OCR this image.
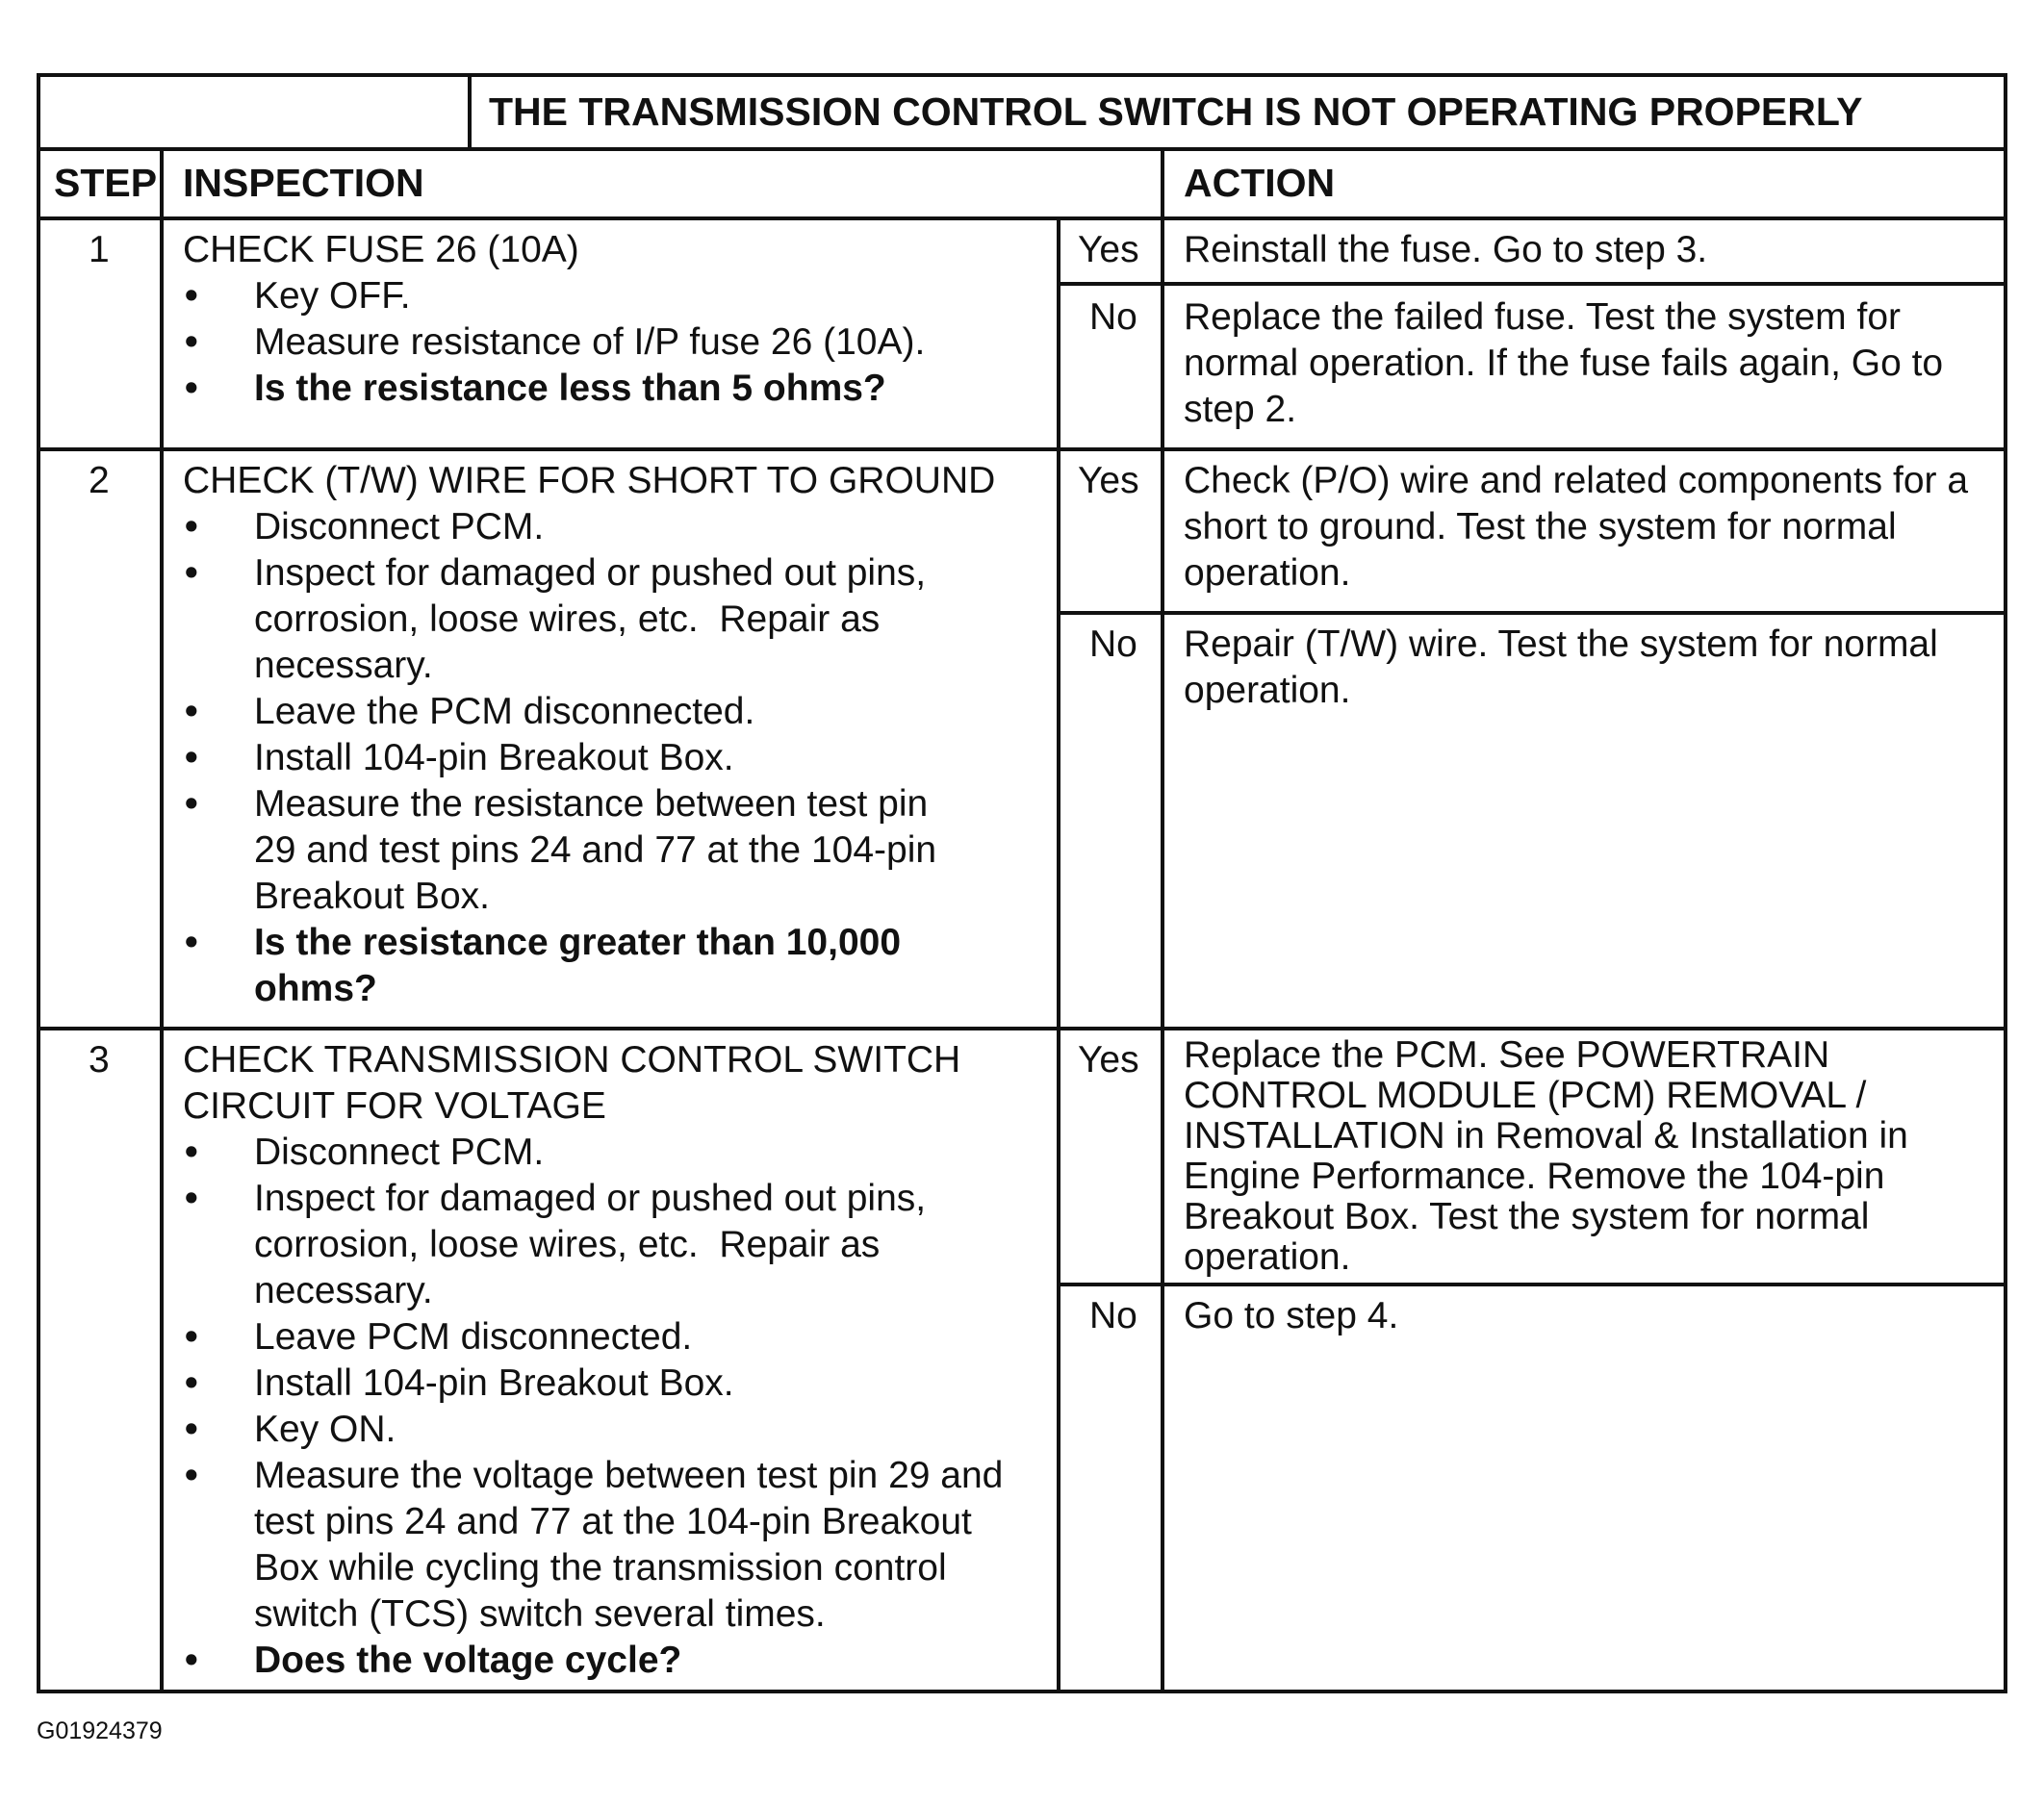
THE TRANSMISSION CONTROL SWITCH IS NOT OPERATING PROPERLY
STEP INSPECTION	ACTION
1 CHECK FUSE 26 (10A)
• Key OFF.
• Measure resistance of I/P fuse 26 (10A).
• Is the resistance less than 5 ohms?
Yes Reinstall the fuse. Go to step 3.
No Replace the failed fuse. Test the system for normal operation. If the fuse fails again, Go to step 2.
2 CHECK (T/W) WIRE FOR SHORT TO GROUND
• Disconnect PCM.
• Inspect for damaged or pushed out pins,
corrosion, loose wires, etc.  Repair as
necessary.
• Leave the PCM disconnected.
• Install 104-pin Breakout Box.
• Measure the resistance between test pin
29 and test pins 24 and 77 at the 104-pin
Breakout Box.
• Is the resistance greater than 10,000
ohms?
Yes Check (P/O) wire and related components for a short to ground. Test the system for normal operation.
No Repair (T/W) wire. Test the system for normal operation.
3 CHECK TRANSMISSION CONTROL SWITCH
CIRCUIT FOR VOLTAGE
• Disconnect PCM.
• Inspect for damaged or pushed out pins,
corrosion, loose wires, etc.  Repair as
necessary.
• Leave PCM disconnected.
• Install 104-pin Breakout Box.
• Key ON.
• Measure the voltage between test pin 29 and
test pins 24 and 77 at the 104-pin Breakout
Box while cycling the transmission control
switch (TCS) switch several times.
• Does the voltage cycle?
Yes Replace the PCM. See POWERTRAIN CONTROL MODULE (PCM) REMOVAL / INSTALLATION in Removal & Installation in Engine Performance. Remove the 104-pin Breakout Box. Test the system for normal operation.
No Go to step 4.
G01924379
